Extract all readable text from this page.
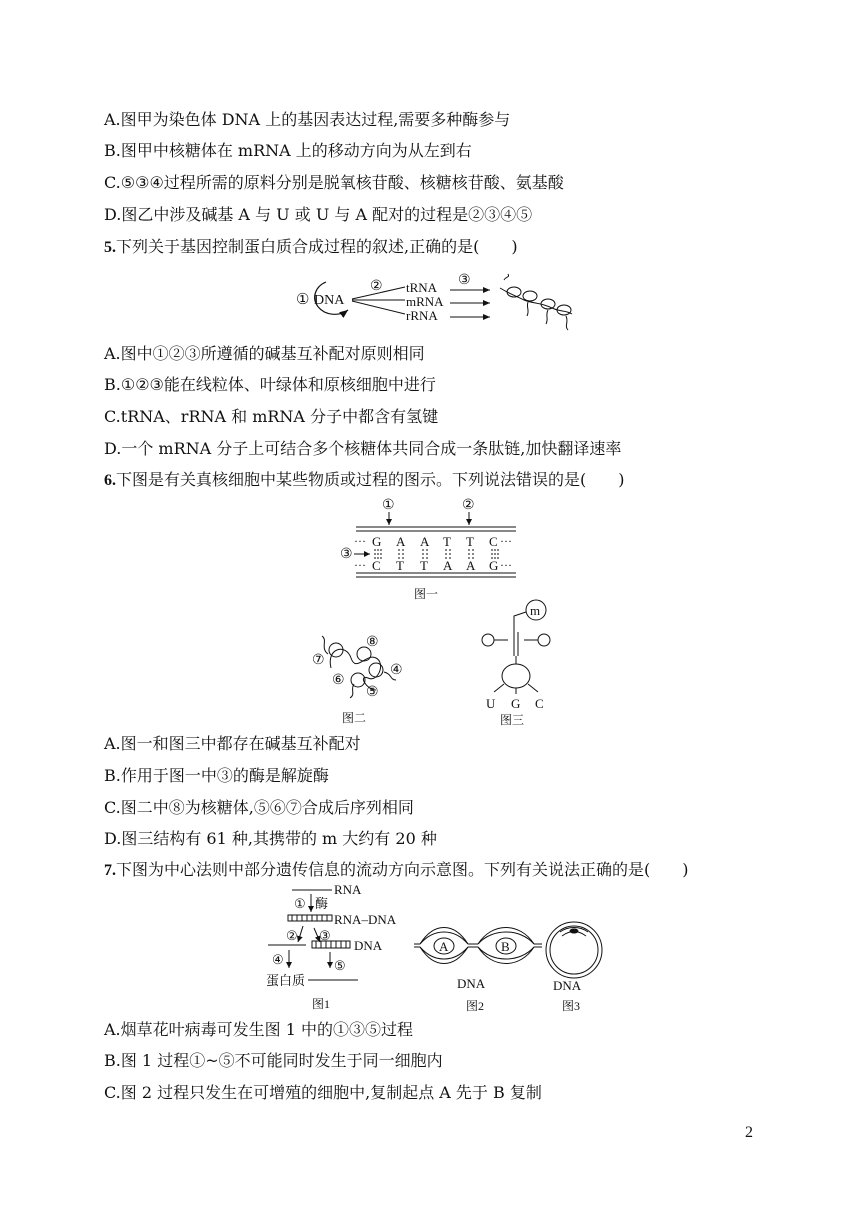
A.图甲为染色体 DNA 上的基因表达过程,需要多种酶参与
B.图甲中核糖体在 mRNA 上的移动方向为从左到右
C.⑤③④过程所需的原料分别是脱氧核苷酸、核糖核苷酸、氨基酸
D.图乙中涉及碱基 A 与 U 或 U 与 A 配对的过程是②③④⑤
5.下列关于基因控制蛋白质合成过程的叙述,正确的是(　　)
① DNA
② tRNA
mRNA
rRNA
③
A.图中①②③所遵循的碱基互补配对原则相同
B.①②③能在线粒体、叶绿体和原核细胞中进行
C.tRNA、rRNA 和 mRNA 分子中都含有氢键
D.一个 mRNA 分子上可结合多个核糖体共同合成一条肽链,加快翻译速率
6.下图是有关真核细胞中某些物质或过程的图示。下列说法错误的是(　　)
①	②
···	···
···	···
G A A T T C
C T T A A G
③
图一
⑧
⑦
④
⑥
⑤
图二
m
U G C
图三
A.图一和图三中都存在碱基互补配对
B.作用于图一中③的酶是解旋酶
C.图二中⑧为核糖体,⑤⑥⑦合成后序列相同
D.图三结构有 61 种,其携带的 m 大约有 20 种
7.下图为中心法则中部分遗传信息的流动方向示意图。下列有关说法正确的是(　　)
RNA
① 酶
RNA–DNA
② ③
DNA
④	⑤
蛋白质
图1
A	B
DNA
图2
DNA
图3
A.烟草花叶病毒可发生图 1 中的①③⑤过程
B.图 1 过程①~⑤不可能同时发生于同一细胞内
C.图 2 过程只发生在可增殖的细胞中,复制起点 A 先于 B 复制
2
